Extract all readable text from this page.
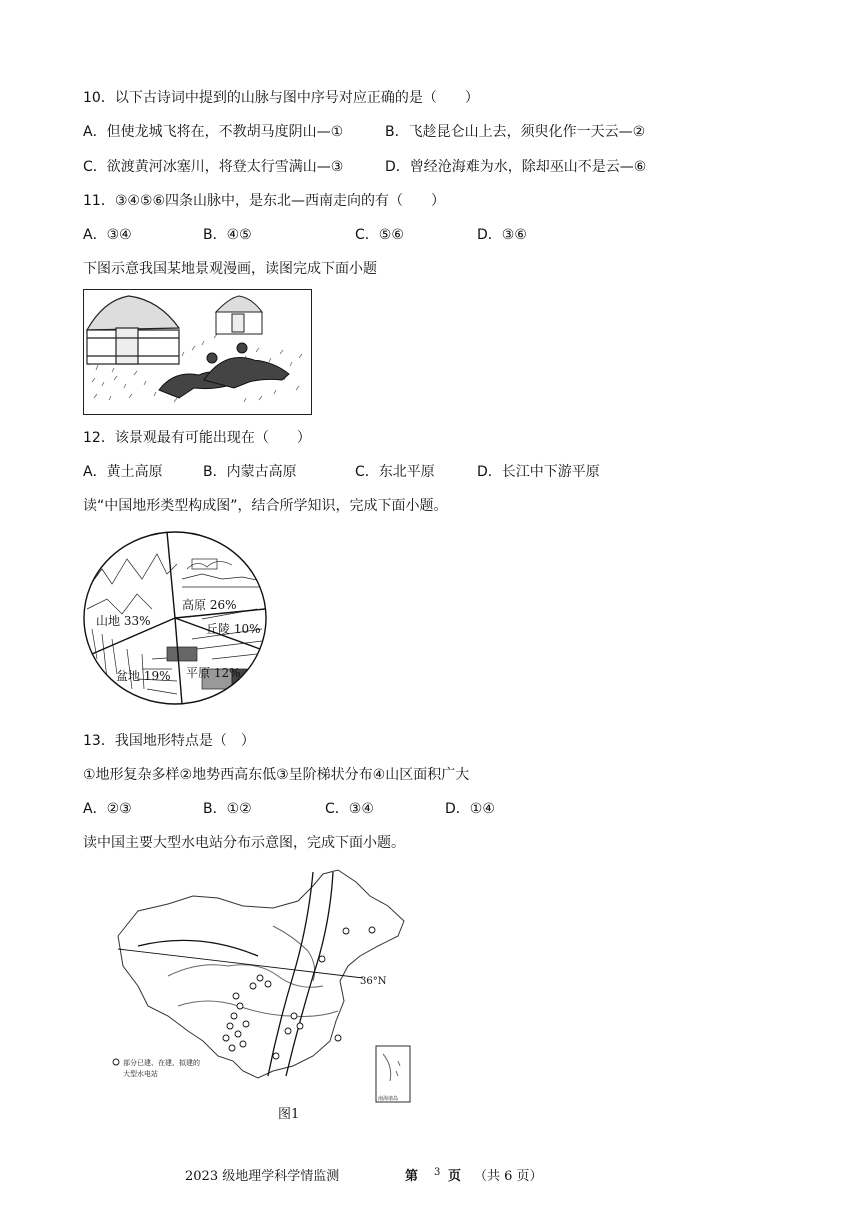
10．以下古诗词中提到的山脉与图中序号对应正确的是（　　）
A．但使龙城飞将在，不教胡马度阴山—①	B．飞趁昆仑山上去，须臾化作一天云—②
C．欲渡黄河冰塞川，将登太行雪满山—③	D．曾经沧海难为水，除却巫山不是云—⑥
11．③④⑤⑥四条山脉中，是东北—西南走向的有（　　）
A．③④	B．④⑤	C．⑤⑥	D．③⑥
下图示意我国某地景观漫画，读图完成下面小题
12．该景观最有可能出现在（　　）
A．黄土高原	B．内蒙古高原	C．东北平原	D．长江中下游平原
读“中国地形类型构成图”，结合所学知识，完成下面小题。
高原 26%
山地 33%
丘陵 10%
盆地 19% 平原 12%
13．我国地形特点是（　）
①地形复杂多样②地势西高东低③呈阶梯状分布④山区面积广大
A．②③	B．①②	C．③④	D．①④
读中国主要大型水电站分布示意图，完成下面小题。
36°N
部分已建、在建、拟建的
大型水电站
南海诸岛
图1
2023 级地理学科学情监测	第 3 页 （共 6 页）
